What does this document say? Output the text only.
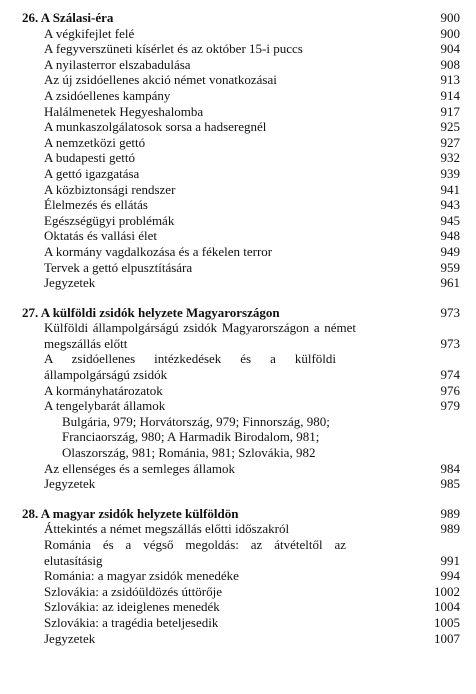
26. A Szálasi-éra	900
A végkifejlet felé	900
A fegyverszüneti kísérlet és az október 15-i puccs	904
A nyilasterror elszabadulása	908
Az új zsidóellenes akció német vonatkozásai	913
A zsidóellenes kampány	914
Halálmenetek Hegyeshalomba	917
A munkaszolgálatosok sorsa a hadseregnél	925
A nemzetközi gettó	927
A budapesti gettó	932
A gettó igazgatása	939
A közbiztonsági rendszer	941
Élelmezés és ellátás	943
Egészségügyi problémák	945
Oktatás és vallási élet	948
A kormány vagdalkozása és a fékelen terror	949
Tervek a gettó elpusztítására	959
Jegyzetek	961
27. A külföldi zsidók helyzete Magyarországon	973
Külföldi állampolgárságú zsidók Magyarországon a német megszállás előtt	973
A zsidóellenes intézkedések és a külföldi állampolgárságú zsidók	974
A kormányhatározatok	976
A tengelybarát államok	979
Bulgária, 979; Horvátország, 979; Finnország, 980;
Franciaország, 980; A Harmadik Birodalom, 981;
Olaszország, 981; Románia, 981; Szlovákia, 982
Az ellenséges és a semleges államok	984
Jegyzetek	985
28. A magyar zsidók helyzete külföldön	989
Áttekintés a német megszállás előtti időszakról	989
Románia és a végső megoldás: az átvételtől az elutasításig	991
Románia: a magyar zsidók menedéke	994
Szlovákia: a zsidóüldözés úttörője	1002
Szlovákia: az ideiglenes menedék	1004
Szlovákia: a tragédia beteljesedik	1005
Jegyzetek	1007
